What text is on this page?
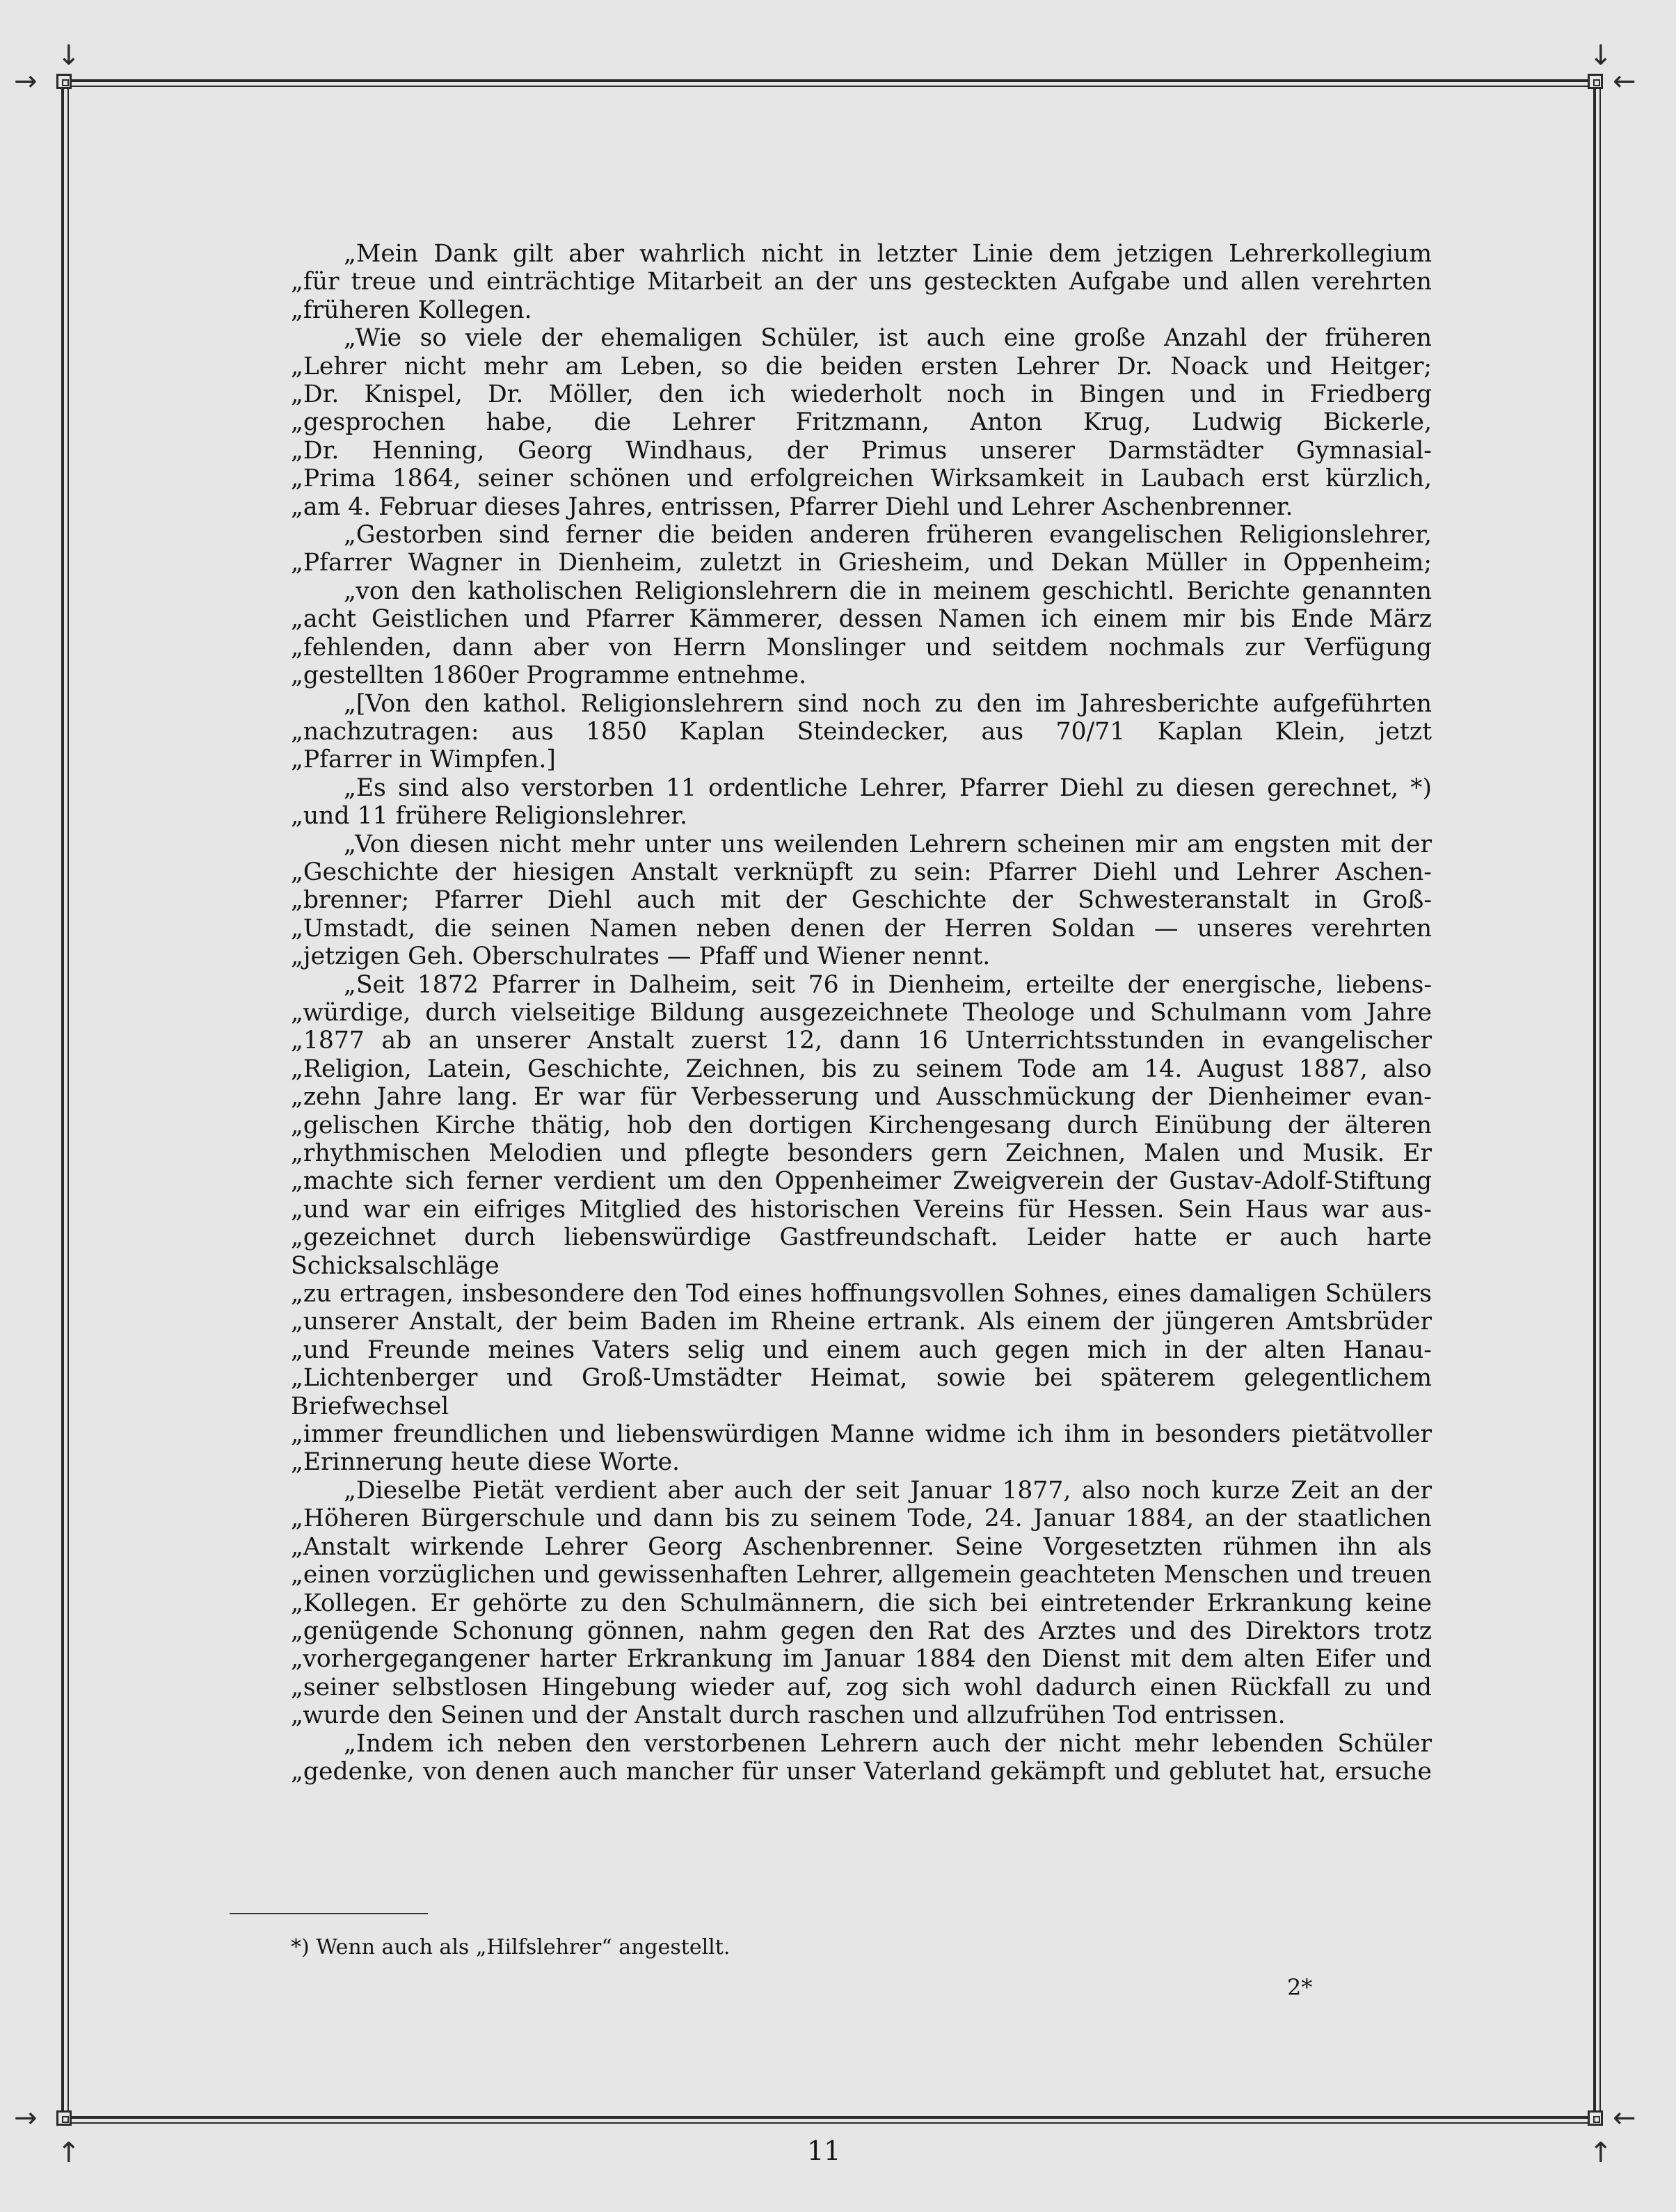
↓
→
↓
←
↑
→
↑
←

„Mein Dank gilt aber wahrlich nicht in letzter Linie dem jetzigen Lehrerkollegium

„für treue und einträchtige Mitarbeit an der uns gesteckten Aufgabe und allen verehrten

„früheren Kollegen.

„Wie so viele der ehemaligen Schüler, ist auch eine große Anzahl der früheren

„Lehrer nicht mehr am Leben, so die beiden ersten Lehrer Dr. Noack und Heitger;

„Dr. Knispel, Dr. Möller, den ich wiederholt noch in Bingen und in Friedberg

„gesprochen habe, die Lehrer Fritzmann, Anton Krug, Ludwig Bickerle,

„Dr. Henning, Georg Windhaus, der Primus unserer Darmstädter Gymnasial-

„Prima 1864, seiner schönen und erfolgreichen Wirksamkeit in Laubach erst kürzlich,

„am 4. Februar dieses Jahres, entrissen, Pfarrer Diehl und Lehrer Aschenbrenner.

„Gestorben sind ferner die beiden anderen früheren evangelischen Religionslehrer,

„Pfarrer Wagner in Dienheim, zuletzt in Griesheim, und Dekan Müller in Oppenheim;

„von den katholischen Religionslehrern die in meinem geschichtl. Berichte genannten

„acht Geistlichen und Pfarrer Kämmerer, dessen Namen ich einem mir bis Ende März

„fehlenden, dann aber von Herrn Monslinger und seitdem nochmals zur Verfügung

„gestellten 1860er Programme entnehme.

„[Von den kathol. Religionslehrern sind noch zu den im Jahresberichte aufgeführten

„nachzutragen: aus 1850 Kaplan Steindecker, aus 70/71 Kaplan Klein, jetzt

„Pfarrer in Wimpfen.]

„Es sind also verstorben 11 ordentliche Lehrer, Pfarrer Diehl zu diesen gerechnet, *)

„und 11 frühere Religionslehrer.

„Von diesen nicht mehr unter uns weilenden Lehrern scheinen mir am engsten mit der

„Geschichte der hiesigen Anstalt verknüpft zu sein: Pfarrer Diehl und Lehrer Aschen-

„brenner; Pfarrer Diehl auch mit der Geschichte der Schwesteranstalt in Groß-

„Umstadt, die seinen Namen neben denen der Herren Soldan — unseres verehrten

„jetzigen Geh. Oberschulrates — Pfaff und Wiener nennt.

„Seit 1872 Pfarrer in Dalheim, seit 76 in Dienheim, erteilte der energische, liebens-

„würdige, durch vielseitige Bildung ausgezeichnete Theologe und Schulmann vom Jahre

„1877 ab an unserer Anstalt zuerst 12, dann 16 Unterrichtsstunden in evangelischer

„Religion, Latein, Geschichte, Zeichnen, bis zu seinem Tode am 14. August 1887, also

„zehn Jahre lang. Er war für Verbesserung und Ausschmückung der Dienheimer evan-

„gelischen Kirche thätig, hob den dortigen Kirchengesang durch Einübung der älteren

„rhythmischen Melodien und pflegte besonders gern Zeichnen, Malen und Musik. Er

„machte sich ferner verdient um den Oppenheimer Zweigverein der Gustav-Adolf-Stiftung

„und war ein eifriges Mitglied des historischen Vereins für Hessen. Sein Haus war aus-

„gezeichnet durch liebenswürdige Gastfreundschaft. Leider hatte er auch harte Schicksalschläge

„zu ertragen, insbesondere den Tod eines hoffnungsvollen Sohnes, eines damaligen Schülers

„unserer Anstalt, der beim Baden im Rheine ertrank. Als einem der jüngeren Amtsbrüder

„und Freunde meines Vaters selig und einem auch gegen mich in der alten Hanau-

„Lichtenberger und Groß-Umstädter Heimat, sowie bei späterem gelegentlichem Briefwechsel

„immer freundlichen und liebenswürdigen Manne widme ich ihm in besonders pietätvoller

„Erinnerung heute diese Worte.

„Dieselbe Pietät verdient aber auch der seit Januar 1877, also noch kurze Zeit an der

„Höheren Bürgerschule und dann bis zu seinem Tode, 24. Januar 1884, an der staatlichen

„Anstalt wirkende Lehrer Georg Aschenbrenner. Seine Vorgesetzten rühmen ihn als

„einen vorzüglichen und gewissenhaften Lehrer, allgemein geachteten Menschen und treuen

„Kollegen. Er gehörte zu den Schulmännern, die sich bei eintretender Erkrankung keine

„genügende Schonung gönnen, nahm gegen den Rat des Arztes und des Direktors trotz

„vorhergegangener harter Erkrankung im Januar 1884 den Dienst mit dem alten Eifer und

„seiner selbstlosen Hingebung wieder auf, zog sich wohl dadurch einen Rückfall zu und

„wurde den Seinen und der Anstalt durch raschen und allzufrühen Tod entrissen.

„Indem ich neben den verstorbenen Lehrern auch der nicht mehr lebenden Schüler

„gedenke, von denen auch mancher für unser Vaterland gekämpft und geblutet hat, ersuche

*) Wenn auch als „Hilfslehrer“ angestellt.
2*
11
